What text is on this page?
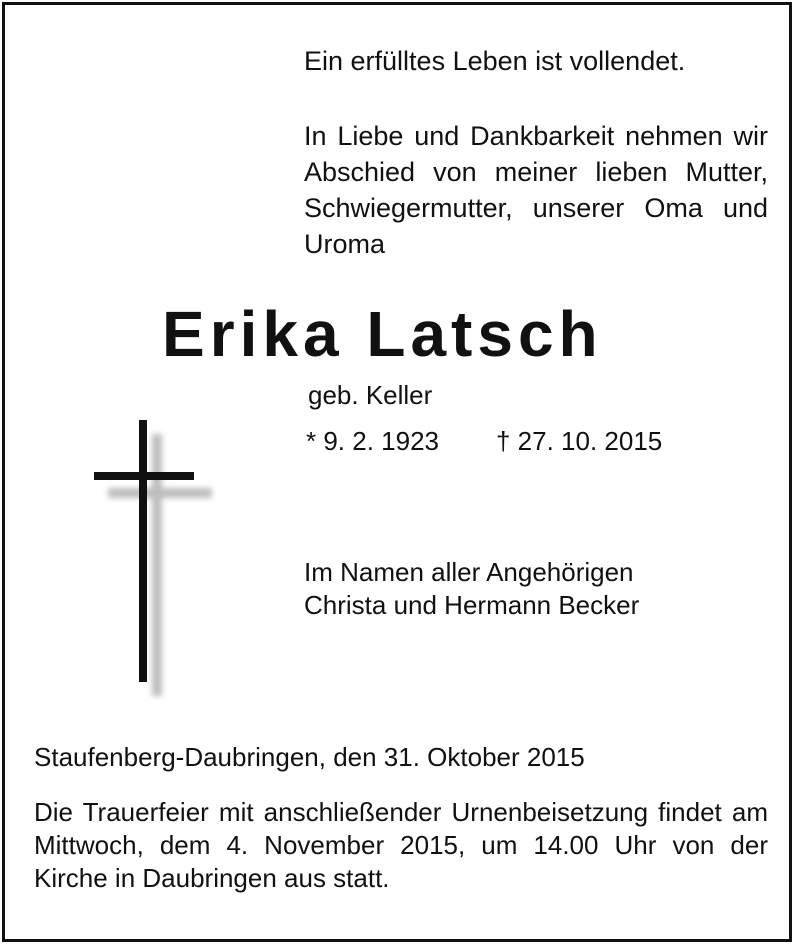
Ein erfülltes Leben ist vollendet.
In Liebe und Dankbarkeit nehmen wir Abschied von meiner lieben Mutter, Schwiegermutter, unserer Oma und Uroma
Erika Latsch
geb. Keller
* 9. 2. 1923 † 27. 10. 2015
Im Namen aller Angehörigen
Christa und Hermann Becker
Staufenberg-Daubringen, den 31. Oktober 2015
Die Trauerfeier mit anschließender Urnenbeisetzung findet am Mittwoch, dem 4. November 2015, um 14.00 Uhr von der Kirche in Daubringen aus statt.
